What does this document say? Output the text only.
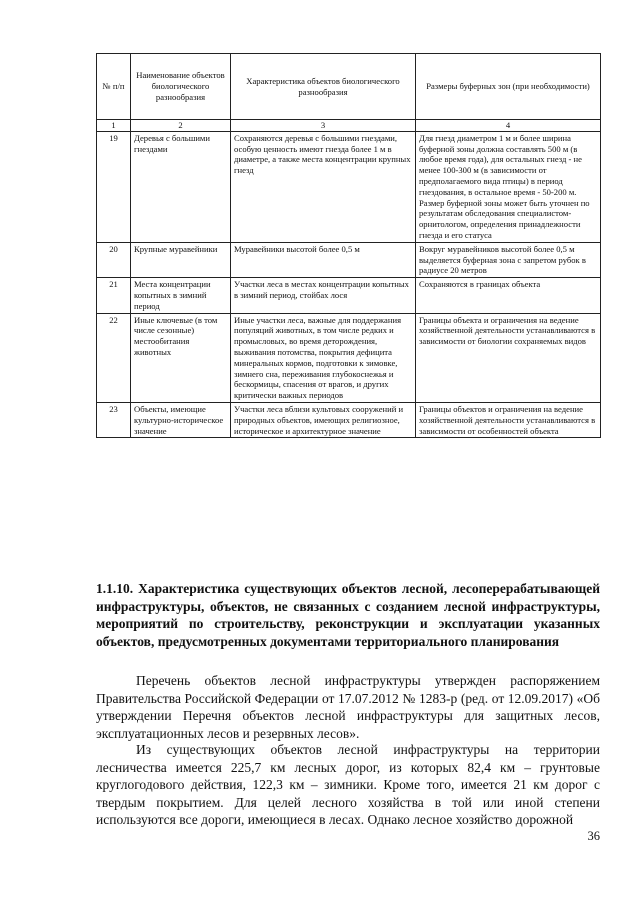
№ п/п	Наименование объектов биологического разнообразия	Характеристика объектов биологического разнообразия	Размеры буферных зон (при необходимости)
1	2	3	4
19	Деревья с большими гнездами	Сохраняются деревья с большими гнездами, особую ценность имеют гнезда более 1 м в диаметре, а также места концентрации крупных гнезд	Для гнезд диаметром 1 м и более ширина буферной зоны должна составлять 500 м (в любое время года), для остальных гнезд - не менее 100-300 м (в зависимости от предполагаемого вида птицы) в период гнездования, в остальное время - 50-200 м. Размер буферной зоны может быть уточнен по результатам обследования специалистом- орнитологом, определения принадлежности гнезда и его статуса
20	Крупные муравейники	Муравейники высотой более 0,5 м	Вокруг муравейников высотой более 0,5 м выделяется буферная зона с запретом рубок в радиусе 20 метров
21	Места концентрации копытных в зимний период	Участки леса в местах концентрации копытных в зимний период, стойбах лося	Сохраняются в границах объекта
22	Иные ключевые (в том числе сезонные) местообитания животных	Иные участки леса, важные для поддержания популяций животных, в том числе редких и промысловых, во время деторождения, выживания потомства, покрытия дефицита минеральных кормов, подготовки к зимовке, зимнего сна, переживания глубокоснежья и бескормицы, спасения от врагов, и других критически важных периодов	Границы объекта и ограничения на ведение хозяйственной деятельности устанавливаются в зависимости от биологии сохраняемых видов
23	Объекты, имеющие культурно-историческое значение	Участки леса вблизи культовых сооружений и природных объектов, имеющих религиозное, историческое и архитектурное значение	Границы объектов и ограничения на ведение хозяйственной деятельности устанавливаются в зависимости от особенностей объекта
1.1.10. Характеристика существующих объектов лесной, лесоперерабатывающей инфраструктуры, объектов, не связанных с созданием лесной инфраструктуры, мероприятий по строительству, реконструкции и эксплуатации указанных объектов, предусмотренных документами территориального планирования
Перечень объектов лесной инфраструктуры утвержден распоряжением Правительства Российской Федерации от 17.07.2012 № 1283-р (ред. от 12.09.2017) «Об утверждении Перечня объектов лесной инфраструктуры для защитных лесов, эксплуатационных лесов и резервных лесов».
Из существующих объектов лесной инфраструктуры на территории лесничества имеется 225,7 км лесных дорог, из которых 82,4 км – грунтовые круглогодового действия, 122,3 км – зимники. Кроме того, имеется 21 км дорог с твердым покрытием. Для целей лесного хозяйства в той или иной степени используются все дороги, имеющиеся в лесах. Однако лесное хозяйство дорожной
36
